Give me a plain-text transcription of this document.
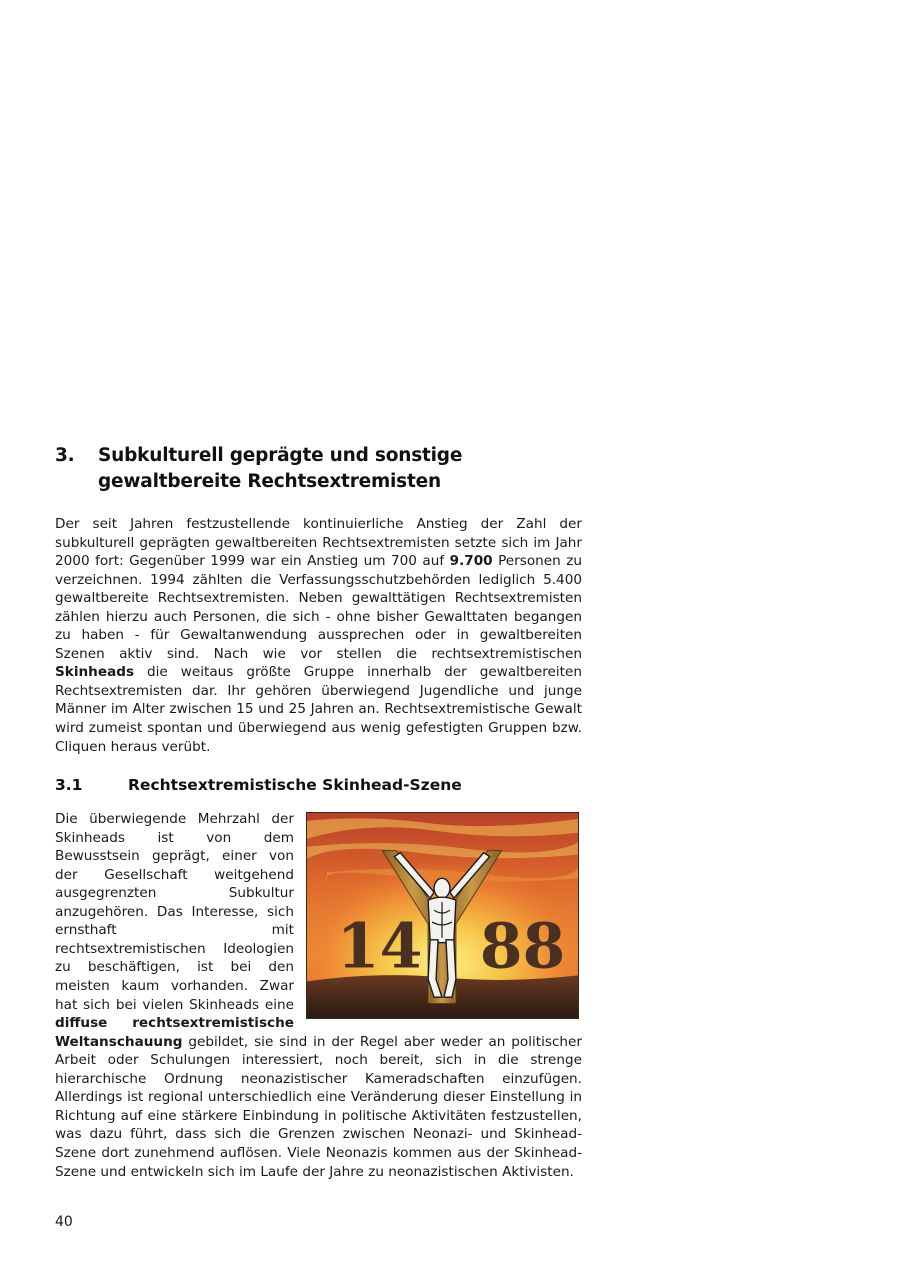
3.	Subkulturell geprägte und sonstige gewaltbereite Rechtsextremisten

Der seit Jahren festzustellende kontinuierliche Anstieg der Zahl der subkulturell geprägten gewaltbereiten Rechtsextremisten setzte sich im Jahr 2000 fort: Gegenüber 1999 war ein Anstieg um 700 auf 9.700 Personen zu verzeichnen. 1994 zählten die Verfassungsschutzbehörden lediglich 5.400 gewaltbereite Rechtsextremisten. Neben gewalttätigen Rechtsextremisten zählen hierzu auch Personen, die sich - ohne bisher Gewalttaten begangen zu haben - für Gewaltanwendung aussprechen oder in gewaltbereiten Szenen aktiv sind. Nach wie vor stellen die rechtsextremistischen Skinheads die weitaus größte Gruppe innerhalb der gewaltbereiten Rechtsextremisten dar. Ihr gehören überwiegend Jugendliche und junge Männer im Alter zwischen 15 und 25 Jahren an. Rechtsextremistische Gewalt wird zumeist spontan und überwiegend aus wenig gefestigten Gruppen bzw. Cliquen heraus verübt.

3.1	Rechtsextremistische Skinhead-Szene
14 88

Die überwiegende Mehrzahl der Skinheads ist von dem Bewusstsein geprägt, einer von der Gesellschaft weitgehend ausgegrenzten Subkultur anzugehören. Das Interesse, sich ernsthaft mit rechtsextremistischen Ideologien zu beschäftigen, ist bei den meisten kaum vorhanden. Zwar hat sich bei vielen Skinheads eine diffuse rechtsextremistische Weltanschauung gebildet, sie sind in der Regel aber weder an politischer Arbeit oder Schulungen interessiert, noch bereit, sich in die strenge hierarchische Ordnung neonazistischer Kameradschaften einzufügen. Allerdings ist regional unterschiedlich eine Veränderung dieser Einstellung in Richtung auf eine stärkere Einbindung in politische Aktivitäten festzustellen, was dazu führt, dass sich die Grenzen zwischen Neonazi- und Skinhead-Szene dort zunehmend auflösen. Viele Neonazis kommen aus der Skinhead-Szene und entwickeln sich im Laufe der Jahre zu neonazistischen Aktivisten.

40
